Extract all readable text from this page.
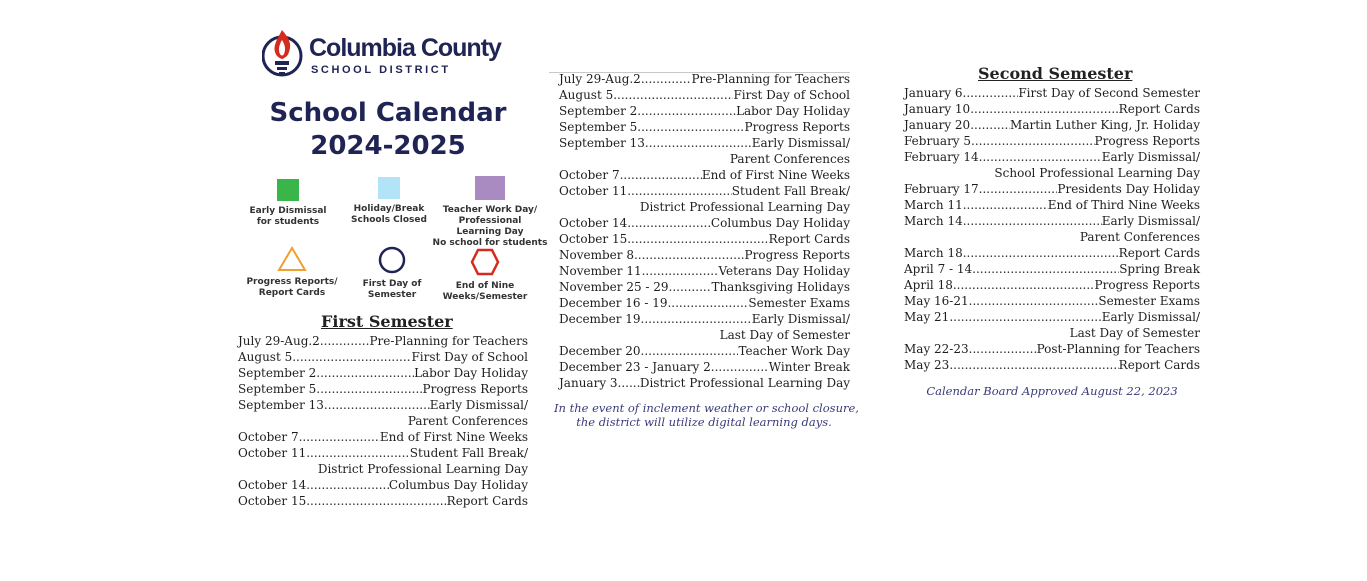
Columbia County
SCHOOL DISTRICT
School Calendar
2024-2025
Early Dismissal
for students
Holiday/Break
Schools Closed
Teacher Work Day/
Professional
Learning Day
No school for students
Progress Reports/
Report Cards
First Day of
Semester
End of Nine
Weeks/Semester
First Semester
July 29-Aug.2 .....	Pre-Planning for Teachers
August 5 .....	First Day of School
September 2 .....	Labor Day Holiday
September 5 .....	Progress Reports
September 13 .....	Early Dismissal/
Parent Conferences
October 7 .....	End of First Nine Weeks
October 11 .....	Student Fall Break/
District Professional Learning Day
October 14 .....	Columbus Day Holiday
October 15 .....	Report Cards
July 29-Aug.2 .....	Pre-Planning for Teachers
August 5 .....	First Day of School
September 2 .....	Labor Day Holiday
September 5 .....	Progress Reports
September 13 .....	Early Dismissal/
Parent Conferences
October 7 .....	End of First Nine Weeks
October 11 .....	Student Fall Break/
District Professional Learning Day
October 14 .....	Columbus Day Holiday
October 15 .....	Report Cards
November 8 .....	Progress Reports
November 11 .....	Veterans Day Holiday
November 25 - 29 .....	Thanksgiving Holidays
December 16 - 19 .....	Semester Exams
December 19 .....	Early Dismissal/
Last Day of Semester
December 20 .....	Teacher Work Day
December 23 - January 2 .....	Winter Break
January 3 ..... District Professional Learning Day
In the event of inclement weather or school closure,
the district will utilize digital learning days.
Second Semester
January 6 .....	First Day of Second Semester
January 10 .....	Report Cards
January 20 .....	Martin Luther King, Jr. Holiday
February 5 .....	Progress Reports
February 14 .....	Early Dismissal/
School Professional Learning Day
February 17 .....	Presidents Day Holiday
March 11 .....	End of Third Nine Weeks
March 14 .....	Early Dismissal/
Parent Conferences
March 18 .....	Report Cards
April 7 - 14 .....	Spring Break
April 18 .....	Progress Reports
May 16-21 .....	Semester Exams
May 21 .....	Early Dismissal/
Last Day of Semester
May 22-23 .....	Post-Planning for Teachers
May 23 .....	Report Cards
Calendar Board Approved August 22, 2023
